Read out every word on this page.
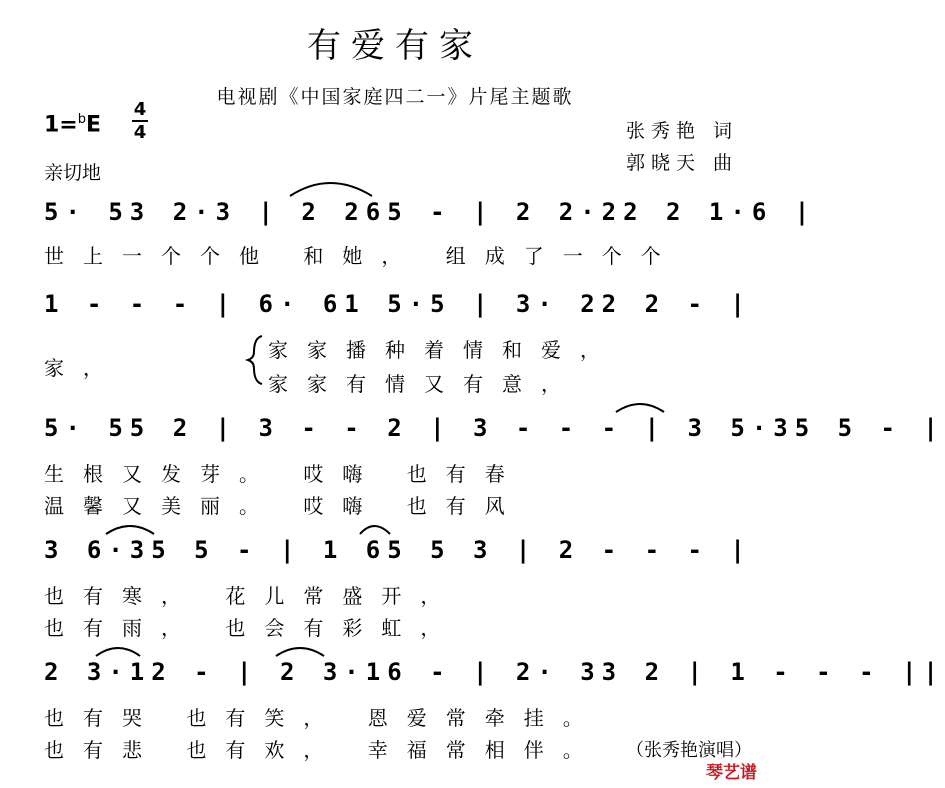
有爱有家
电视剧《中国家庭四二一》片尾主题歌
1=$^b$E
4
4	张秀艳 词
郭晓天 曲
亲切地
5· 53 2·3 | 2 265 - | 2 2·22 2 1·6 |
世上一个个他 和她， 组成了一个个
1 - - - | 6· 61 5·5 | 3· 22 2 - |
家，
家家播种着情和爱，
家家有情又有意，
5· 55 2 | 3 - - 2 | 3 - - - | 3 5·35 5 - |
生根又发芽。 哎嗨 也有春
温馨又美丽。 哎嗨 也有风
3 6·35 5 - | 1 65 5 3 | 2 - - - |
也有寒， 花儿常盛开，
也有雨， 也会有彩虹，
2 3·12 - | 2 3·16 - | 2· 33 2 | 1 - - - ||
也有哭 也有笑， 恩爱常牵挂。
也有悲 也有欢， 幸福常相伴。 （张秀艳演唱）
琴艺谱
